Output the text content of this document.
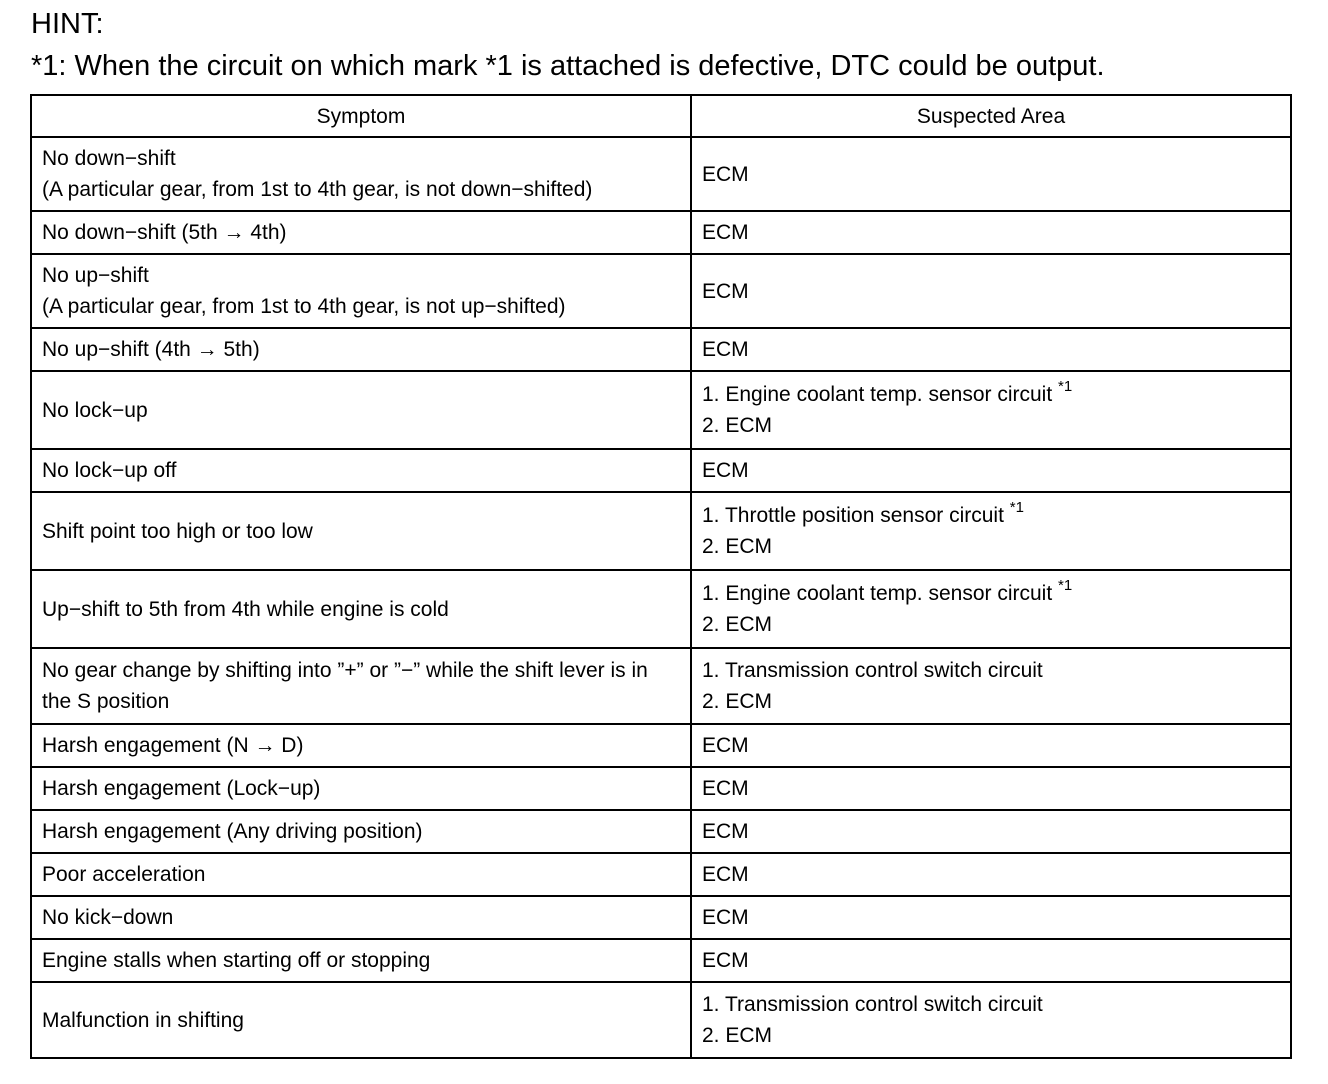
HINT:
*1: When the circuit on which mark *1 is attached is defective, DTC could be output.
Symptom	Suspected Area

No down−shift
(A particular gear, from 1st to 4th gear, is not down−shifted)	ECM

No down−shift (5th → 4th)	ECM

No up−shift
(A particular gear, from 1st to 4th gear, is not up−shifted)	ECM

No up−shift (4th → 5th)	ECM

No lock−up	1. Engine coolant temp. sensor circuit $^{*1}$
2. ECM

No lock−up off	ECM

Shift point too high or too low	1. Throttle position sensor circuit $^{*1}$
2. ECM

Up−shift to 5th from 4th while engine is cold	1. Engine coolant temp. sensor circuit $^{*1}$
2. ECM

No gear change by shifting into ”+” or ”−” while the shift lever is in the S position	1. Transmission control switch circuit
2. ECM

Harsh engagement (N → D)	ECM

Harsh engagement (Lock−up)	ECM

Harsh engagement (Any driving position)	ECM

Poor acceleration	ECM

No kick−down	ECM

Engine stalls when starting off or stopping	ECM

Malfunction in shifting	1. Transmission control switch circuit
2. ECM
